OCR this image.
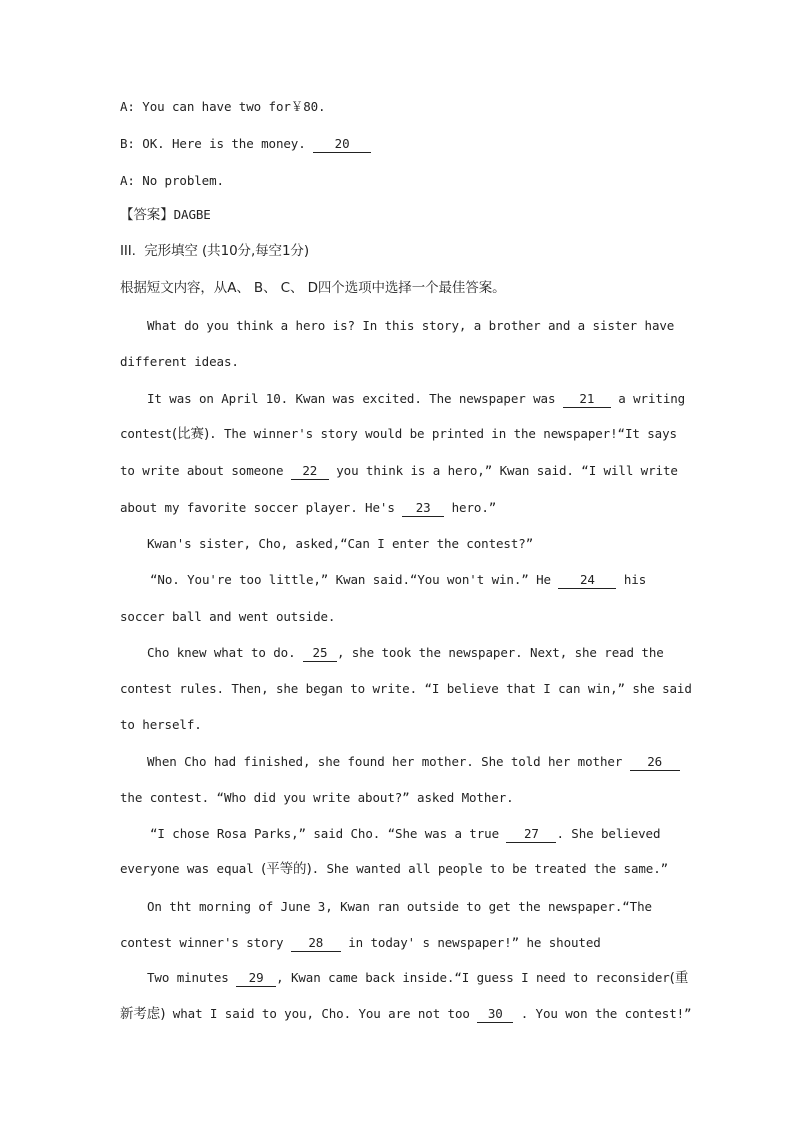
A: You can have two for￥80.
B: OK. Here is the money. 20
A: No problem.
【答案】DAGBE
III.  完形填空 (共10分,每空1分)
根据短文内容，从A、 B、 C、 D四个选项中选择一个最佳答案。
What do you think a hero is? In this story, a brother and a sister have
different ideas.
It was on April 10. Kwan was excited. The newspaper was 21 a writing
contest(比赛). The winner's story would be printed in the newspaper!“It says
to write about someone 22 you think is a hero,” Kwan said. “I will write
about my favorite soccer player. He's 23 hero.”
Kwan's sister, Cho, asked,“Can I enter the contest?”
“No. You're too little,” Kwan said.“You won't win.” He 24 his
soccer ball and went outside.
Cho knew what to do. 25 , she took the newspaper. Next, she read the
contest rules. Then, she began to write. “I believe that I can win,” she said
to herself.
When Cho had finished, she found her mother. She told her mother 26
the contest. “Who did you write about?” asked Mother.
“I chose Rosa Parks,” said Cho. “She was a true 27 . She believed
everyone was equal (平等的). She wanted all people to be treated the same.”
On tht morning of June 3, Kwan ran outside to get the newspaper.“The
contest winner's story 28 in today' s newspaper!” he shouted
Two minutes 29 , Kwan came back inside.“I guess I need to reconsider(重
新考虑) what I said to you, Cho. You are not too 30 . You won the contest!”
